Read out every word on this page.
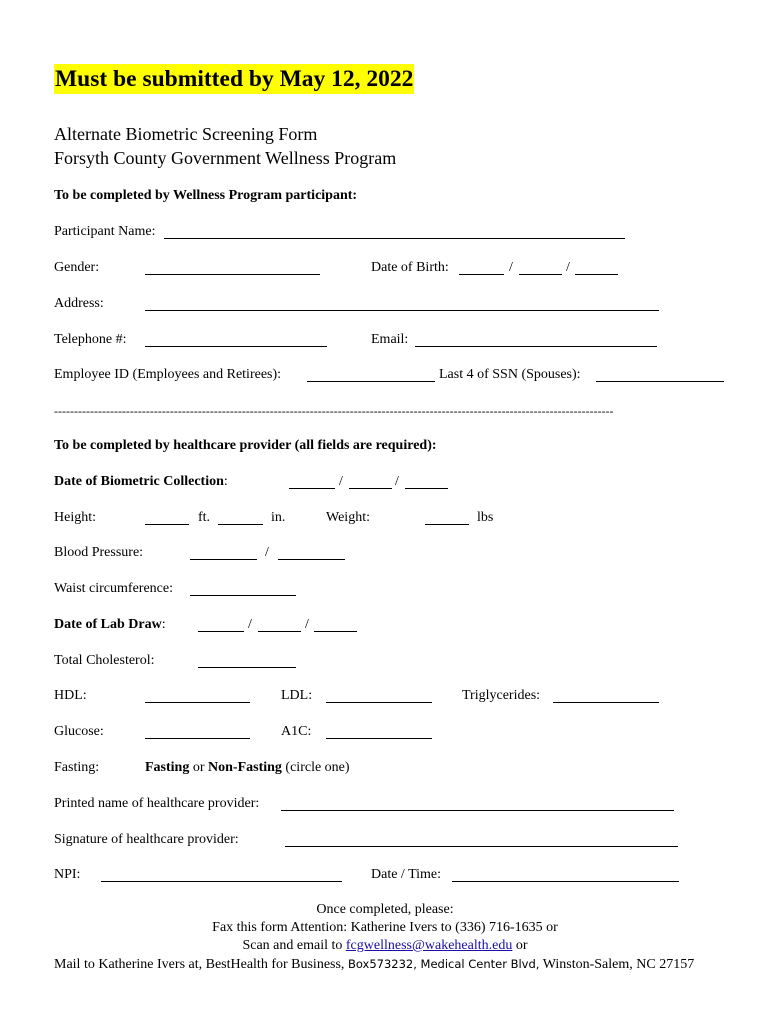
Must be submitted by May 12, 2022
Alternate Biometric Screening Form
Forsyth County Government Wellness Program
To be completed by Wellness Program participant:
Participant Name:
Gender:	Date of Birth:	/	/
Address:
Telephone #:	Email:
Employee ID (Employees and Retirees):	Last 4 of SSN (Spouses):
--------------------------------------------------------------------------------------------------------------------------------------------
To be completed by healthcare provider (all fields are required):
Date of Biometric Collection:	/	/
Height:	ft.	in.	Weight:	lbs
Blood Pressure:	/
Waist circumference:
Date of Lab Draw:	/	/
Total Cholesterol:
HDL:	LDL:	Triglycerides:
Glucose:	A1C:
Fasting:	Fasting or Non-Fasting (circle one)
Printed name of healthcare provider:
Signature of healthcare provider:
NPI:	Date / Time:
Once completed, please:
Fax this form Attention: Katherine Ivers to (336) 716-1635 or
Scan and email to fcgwellness@wakehealth.edu or
Mail to Katherine Ivers at, BestHealth for Business, Box573232, Medical Center Blvd, Winston-Salem, NC 27157
